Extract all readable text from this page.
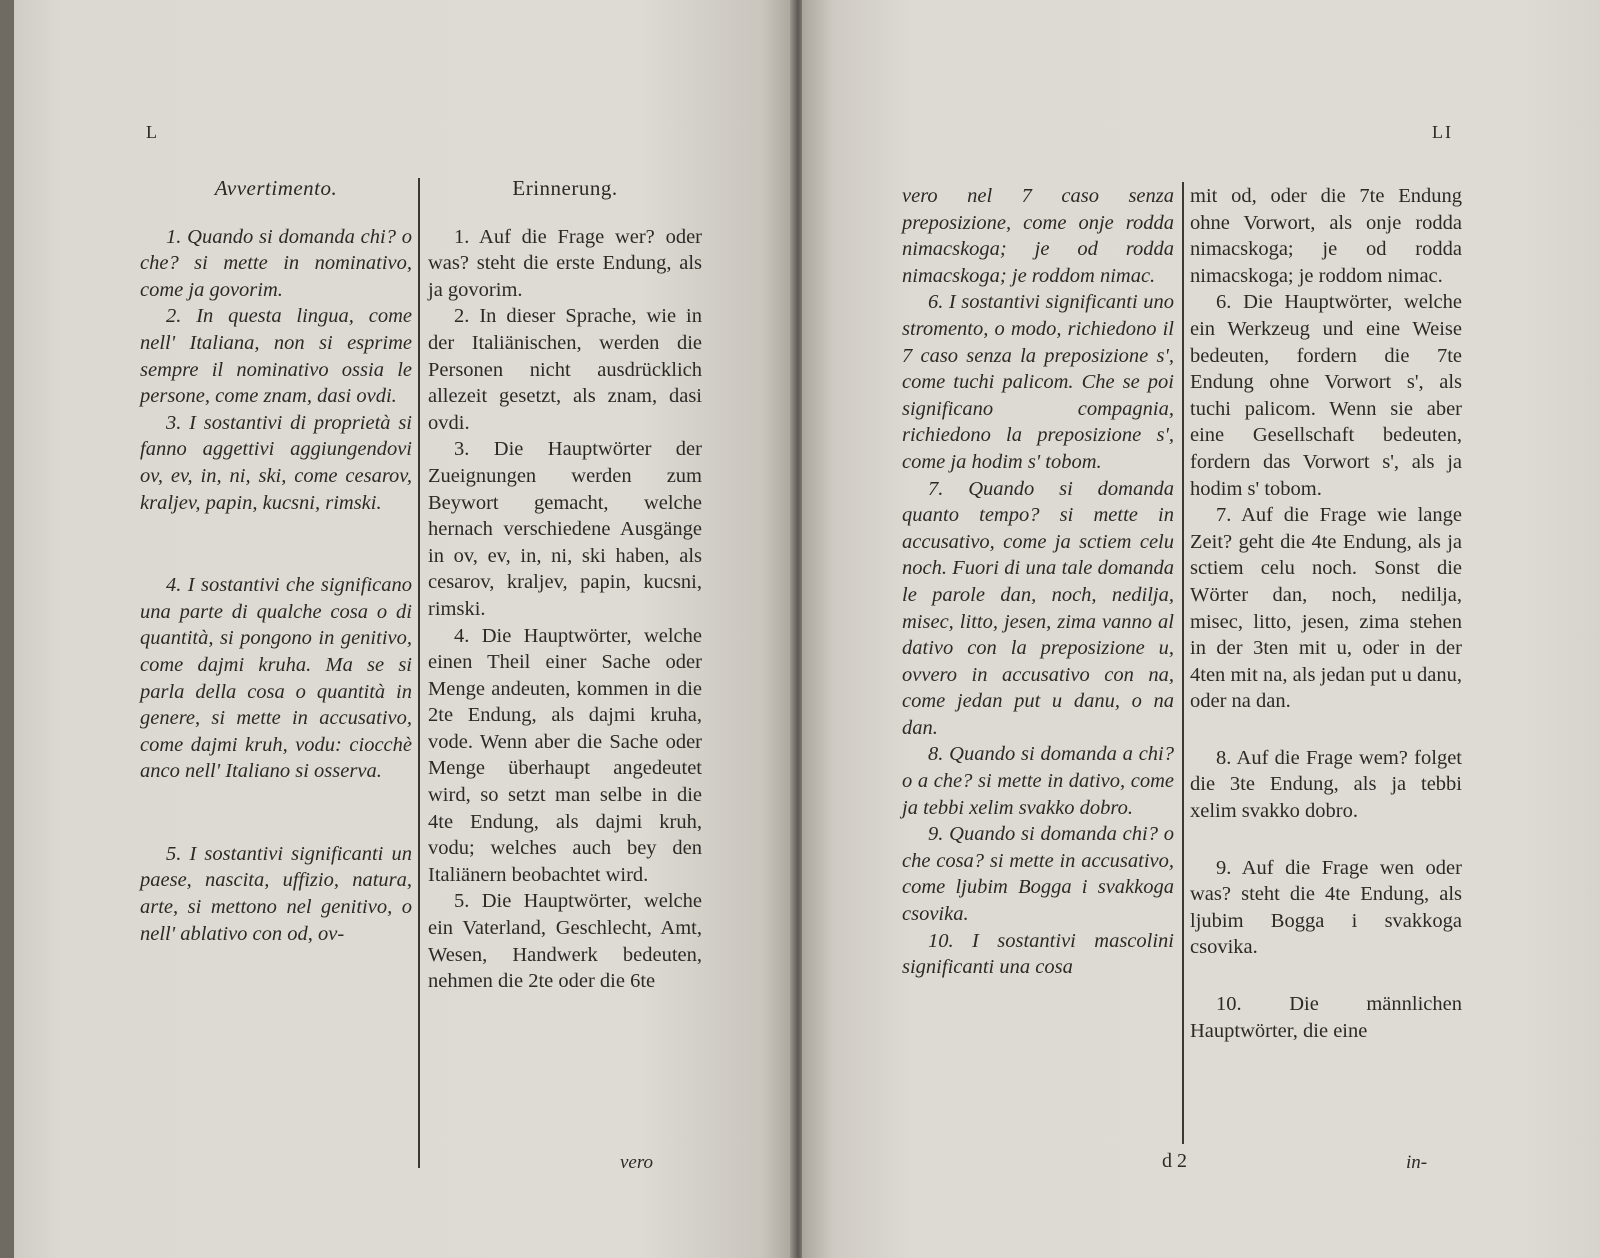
L
Avvertimento.

1. Quando si domanda chi? o che? si mette in nominativo, come ja govorim.

2. In questa lingua, come nell' Italiana, non si esprime sempre il nominativo ossia le persone, come znam, dasi ovdi.

3. I sostantivi di proprietà si fanno aggettivi aggiungendovi ov, ev, in, ni, ski, come cesarov, kraljev, papin, kucsni, rimski.

4. I sostantivi che significano una parte di qualche cosa o di quantità, si pongono in genitivo, come dajmi kruha. Ma se si parla della cosa o quantità in genere, si mette in accusativo, come dajmi kruh, vodu: ciocchè anco nell' Italiano si osserva.

5. I sostantivi significanti un paese, nascita, uffizio, natura, arte, si mettono nel genitivo, o nell' ablativo con od, ov-

Erinnerung.

1. Auf die Frage wer? oder was? steht die erste Endung, als ja govorim.

2. In dieser Sprache, wie in der Italiänischen, werden die Personen nicht ausdrücklich allezeit gesetzt, als znam, dasi ovdi.

3. Die Hauptwörter der Zueignungen werden zum Beywort gemacht, welche hernach verschiedene Ausgänge in ov, ev, in, ni, ski haben, als cesarov, kraljev, papin, kucsni, rimski.

4. Die Hauptwörter, welche einen Theil einer Sache oder Menge andeuten, kommen in die 2te Endung, als dajmi kruha, vode. Wenn aber die Sache oder Menge überhaupt angedeutet wird, so setzt man selbe in die 4te Endung, als dajmi kruh, vodu; welches auch bey den Italiänern beobachtet wird.

5. Die Hauptwörter, welche ein Vaterland, Geschlecht, Amt, Wesen, Handwerk bedeuten, nehmen die 2te oder die 6te

vero
LI

vero nel 7 caso senza preposizione, come onje rodda nimacskoga; je od rodda nimacskoga; je roddom nimac.

6. I sostantivi significanti uno stromento, o modo, richiedono il 7 caso senza la preposizione s', come tuchi palicom. Che se poi significano compagnia, richiedono la preposizione s', come ja hodim s' tobom.

7. Quando si domanda quanto tempo? si mette in accusativo, come ja sctiem celu noch. Fuori di una tale domanda le parole dan, noch, nedilja, misec, litto, jesen, zima vanno al dativo con la preposizione u, ovvero in accusativo con na, come jedan put u danu, o na dan.

8. Quando si domanda a chi? o a che? si mette in dativo, come ja tebbi xelim svakko dobro.

9. Quando si domanda chi? o che cosa? si mette in accusativo, come ljubim Bogga i svakkoga csovika.

10. I sostantivi mascolini significanti una cosa

mit od, oder die 7te Endung ohne Vorwort, als onje rodda nimacskoga; je od rodda nimacskoga; je roddom nimac.

6. Die Hauptwörter, welche ein Werkzeug und eine Weise bedeuten, fordern die 7te Endung ohne Vorwort s', als tuchi palicom. Wenn sie aber eine Gesellschaft bedeuten, fordern das Vorwort s', als ja hodim s' tobom.

7. Auf die Frage wie lange Zeit? geht die 4te Endung, als ja sctiem celu noch. Sonst die Wörter dan, noch, nedilja, misec, litto, jesen, zima stehen in der 3ten mit u, oder in der 4ten mit na, als jedan put u danu, oder na dan.

8. Auf die Frage wem? folget die 3te Endung, als ja tebbi xelim svakko dobro.

9. Auf die Frage wen oder was? steht die 4te Endung, als ljubim Bogga i svakkoga csovika.

10. Die männlichen Hauptwörter, die eine

d 2	in-
